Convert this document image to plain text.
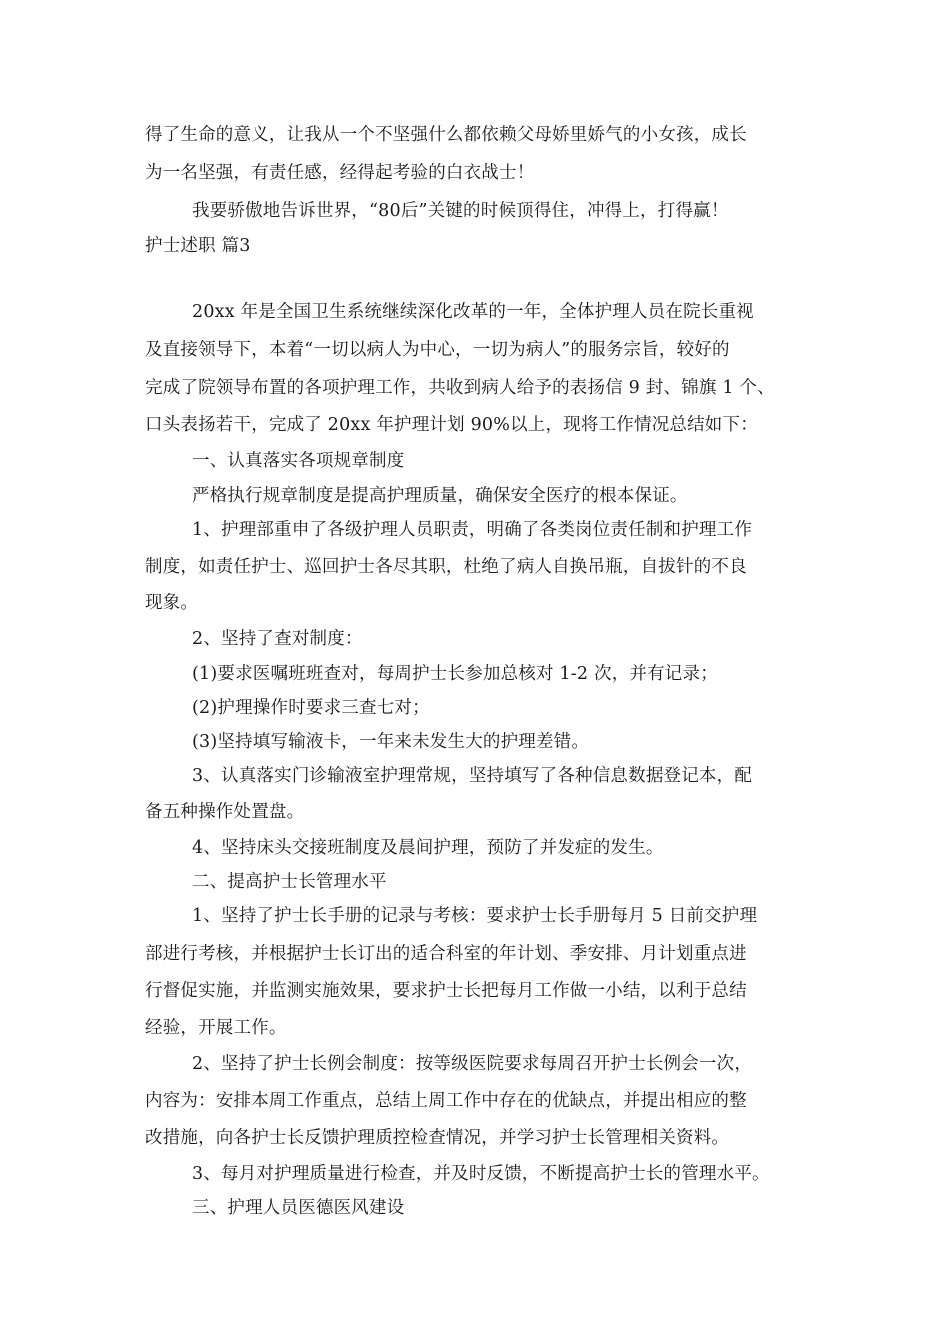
得了生命的意义，让我从一个不坚强什么都依赖父母娇里娇气的小女孩，成长
为一名坚强，有责任感，经得起考验的白衣战士！
我要骄傲地告诉世界，“80后”关键的时候顶得住，冲得上，打得赢！
护士述职 篇3
20xx 年是全国卫生系统继续深化改革的一年，全体护理人员在院长重视
及直接领导下，本着“一切以病人为中心，一切为病人”的服务宗旨，较好的
完成了院领导布置的各项护理工作，共收到病人给予的表扬信 9 封、锦旗 1 个、
口头表扬若干，完成了 20xx 年护理计划 90%以上，现将工作情况总结如下：
一、认真落实各项规章制度
严格执行规章制度是提高护理质量，确保安全医疗的根本保证。
1、护理部重申了各级护理人员职责，明确了各类岗位责任制和护理工作
制度，如责任护士、巡回护士各尽其职，杜绝了病人自换吊瓶，自拔针的不良
现象。
2、坚持了查对制度：
(1)要求医嘱班班查对，每周护士长参加总核对 1-2 次，并有记录；
(2)护理操作时要求三查七对；
(3)坚持填写输液卡，一年来未发生大的护理差错。
3、认真落实门诊输液室护理常规，坚持填写了各种信息数据登记本，配
备五种操作处置盘。
4、坚持床头交接班制度及晨间护理，预防了并发症的发生。
二、提高护士长管理水平
1、坚持了护士长手册的记录与考核：要求护士长手册每月 5 日前交护理
部进行考核，并根据护士长订出的适合科室的年计划、季安排、月计划重点进
行督促实施，并监测实施效果，要求护士长把每月工作做一小结，以利于总结
经验，开展工作。
2、坚持了护士长例会制度：按等级医院要求每周召开护士长例会一次，
内容为：安排本周工作重点，总结上周工作中存在的优缺点，并提出相应的整
改措施，向各护士长反馈护理质控检查情况，并学习护士长管理相关资料。
3、每月对护理质量进行检查，并及时反馈，不断提高护士长的管理水平。
三、护理人员医德医风建设
